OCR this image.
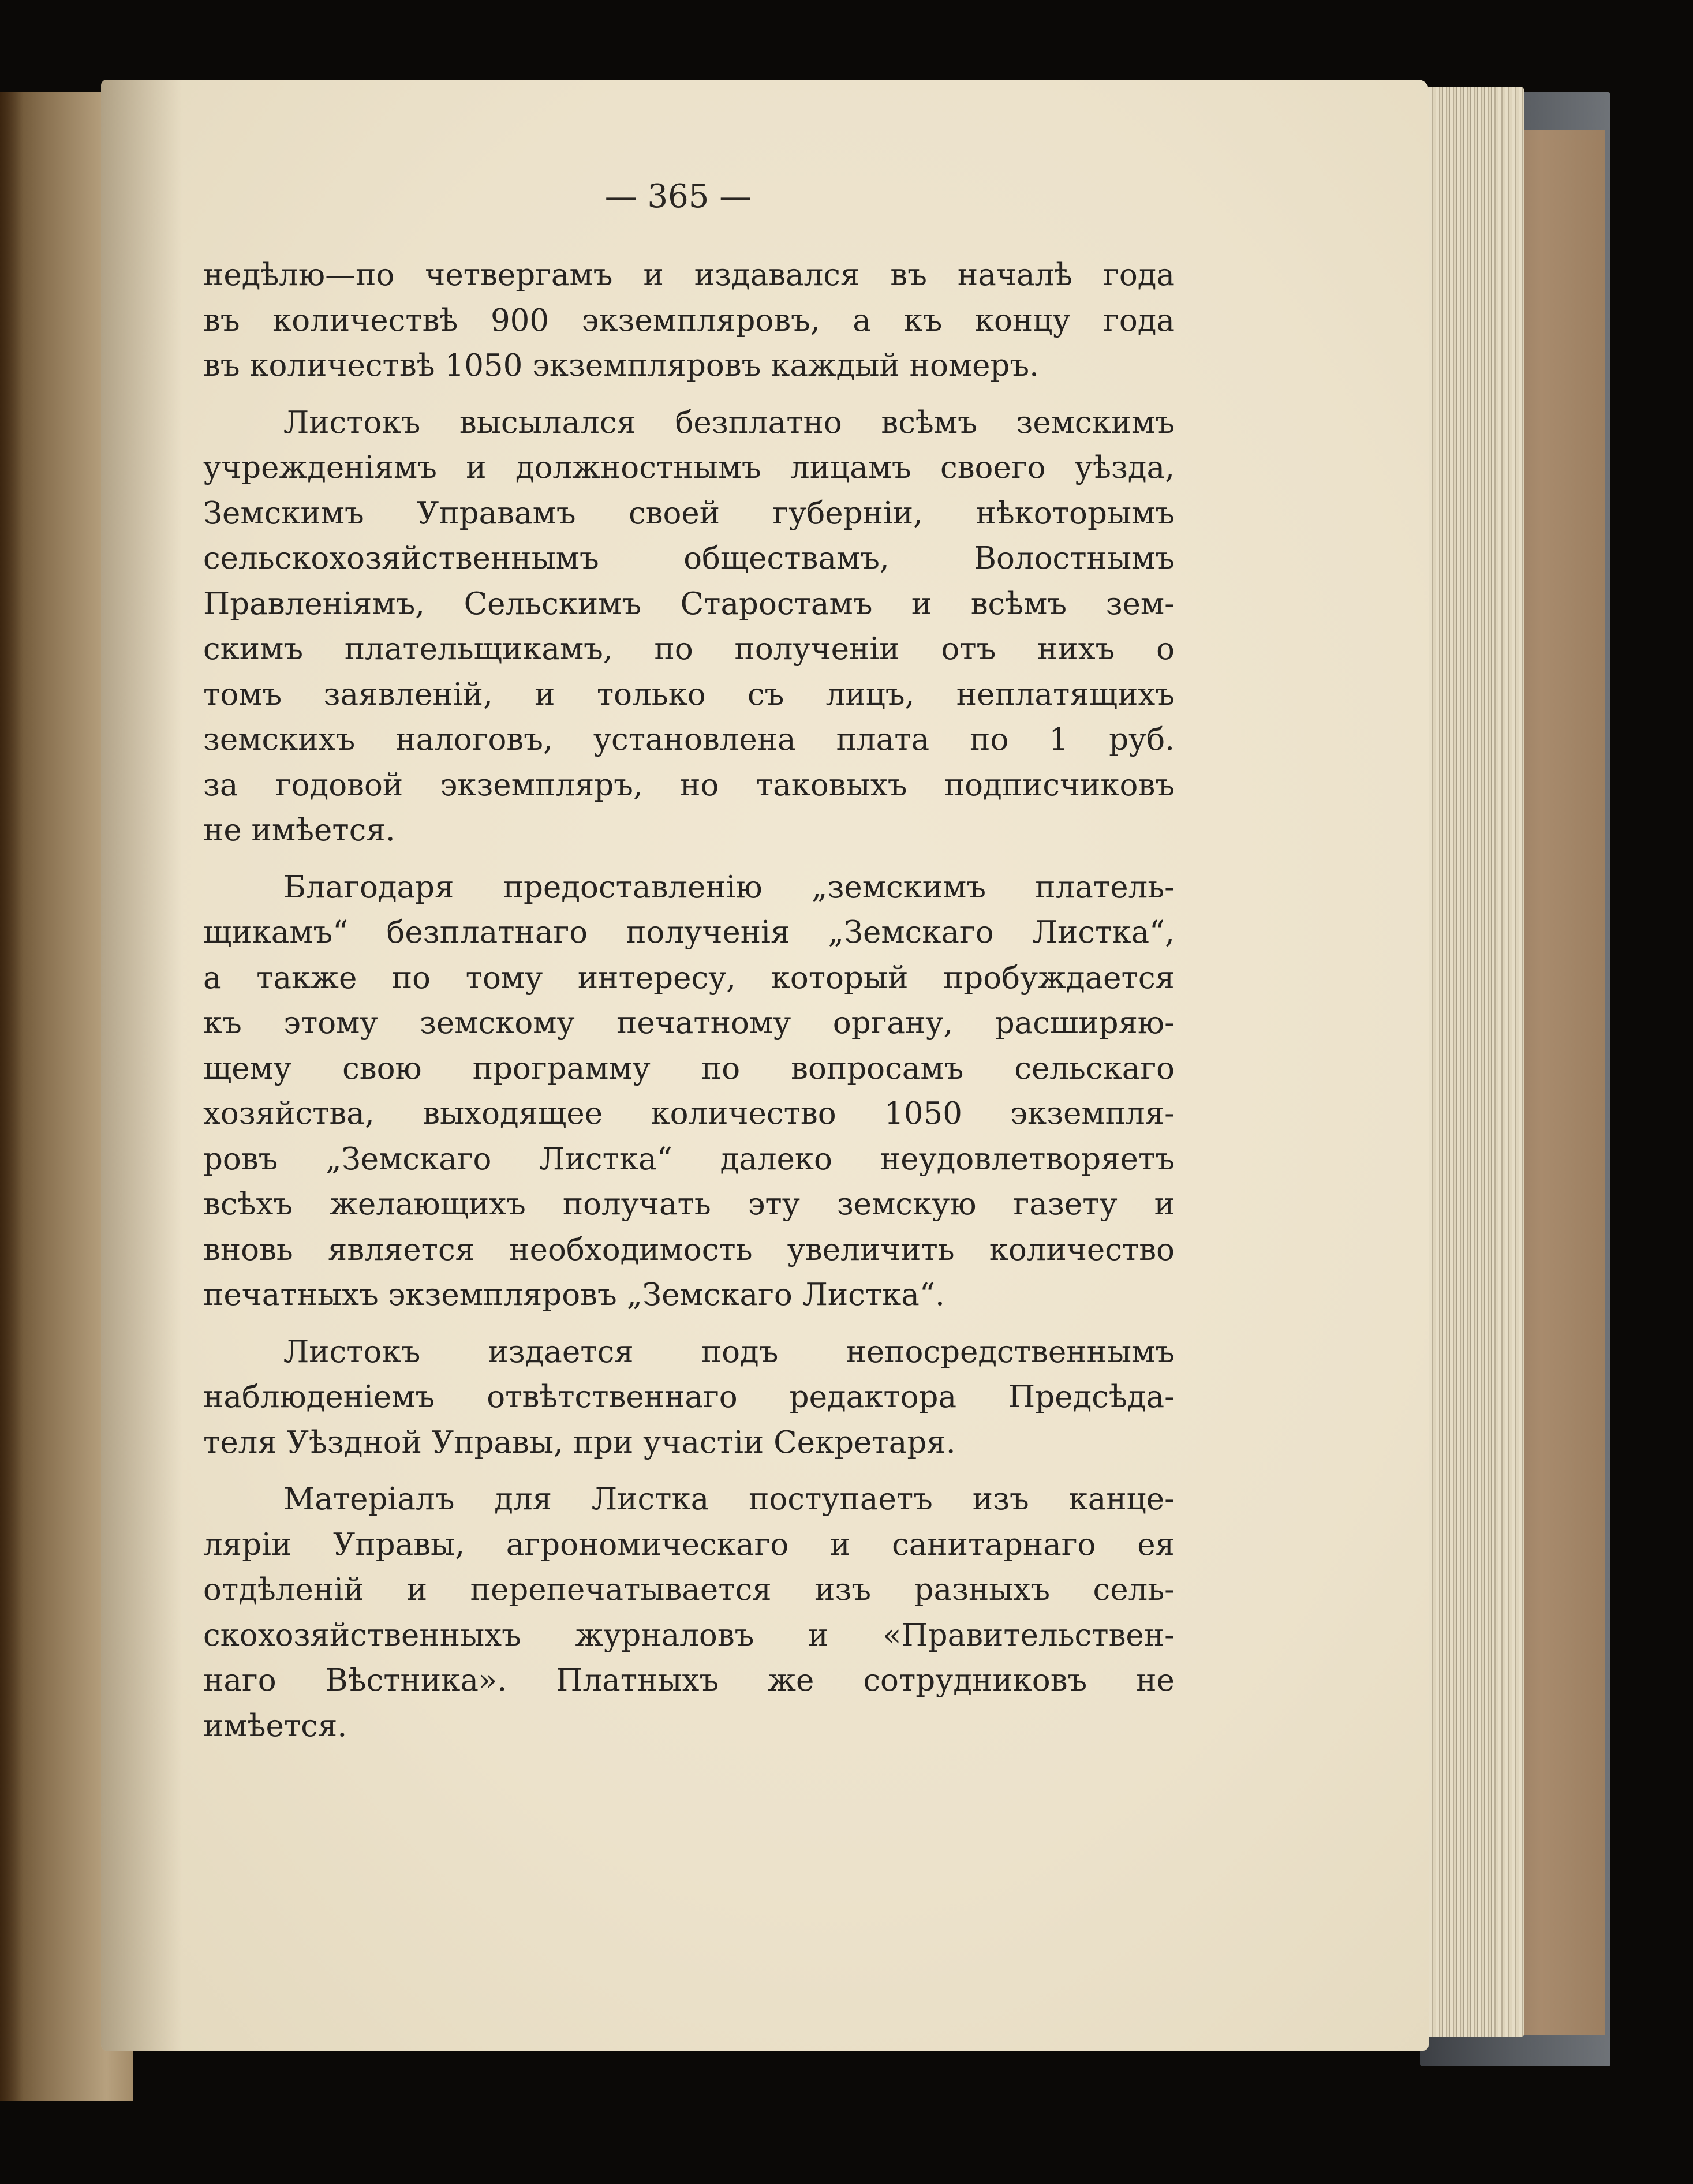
— 365 —
недѣлю—по четвергамъ и издавался въ началѣ года
въ количествѣ 900 экземпляровъ, а къ концу года
въ количествѣ 1050 экземпляровъ каждый номеръ.
Листокъ высылался безплатно всѣмъ земскимъ
учрежденіямъ и должностнымъ лицамъ своего уѣзда,
Земскимъ Управамъ своей губерніи, нѣкоторымъ
сельскохозяйственнымъ обществамъ, Волостнымъ
Правленіямъ, Сельскимъ Старостамъ и всѣмъ зем-
скимъ плательщикамъ, по полученіи отъ нихъ о
томъ заявленій, и только съ лицъ, неплатящихъ
земскихъ налоговъ, установлена плата по 1 руб.
за годовой экземпляръ, но таковыхъ подписчиковъ
не имѣется.
Благодаря предоставленію „земскимъ платель-
щикамъ“ безплатнаго полученія „Земскаго Листка“,
а также по тому интересу, который пробуждается
къ этому земскому печатному органу, расширяю-
щему свою программу по вопросамъ сельскаго
хозяйства, выходящее количество 1050 экземпля-
ровъ „Земскаго Листка“ далеко неудовлетворяетъ
всѣхъ желающихъ получать эту земскую газету и
вновь является необходимость увеличить количество
печатныхъ экземпляровъ „Земскаго Листка“.
Листокъ издается подъ непосредственнымъ
наблюденіемъ отвѣтственнаго редактора Предсѣда-
теля Уѣздной Управы, при участіи Секретаря.
Матеріалъ для Листка поступаетъ изъ канце-
ляріи Управы, агрономическаго и санитарнаго ея
отдѣленій и перепечатывается изъ разныхъ сель-
скохозяйственныхъ журналовъ и «Правительствен-
наго Вѣстника». Платныхъ же сотрудниковъ не
имѣется.
